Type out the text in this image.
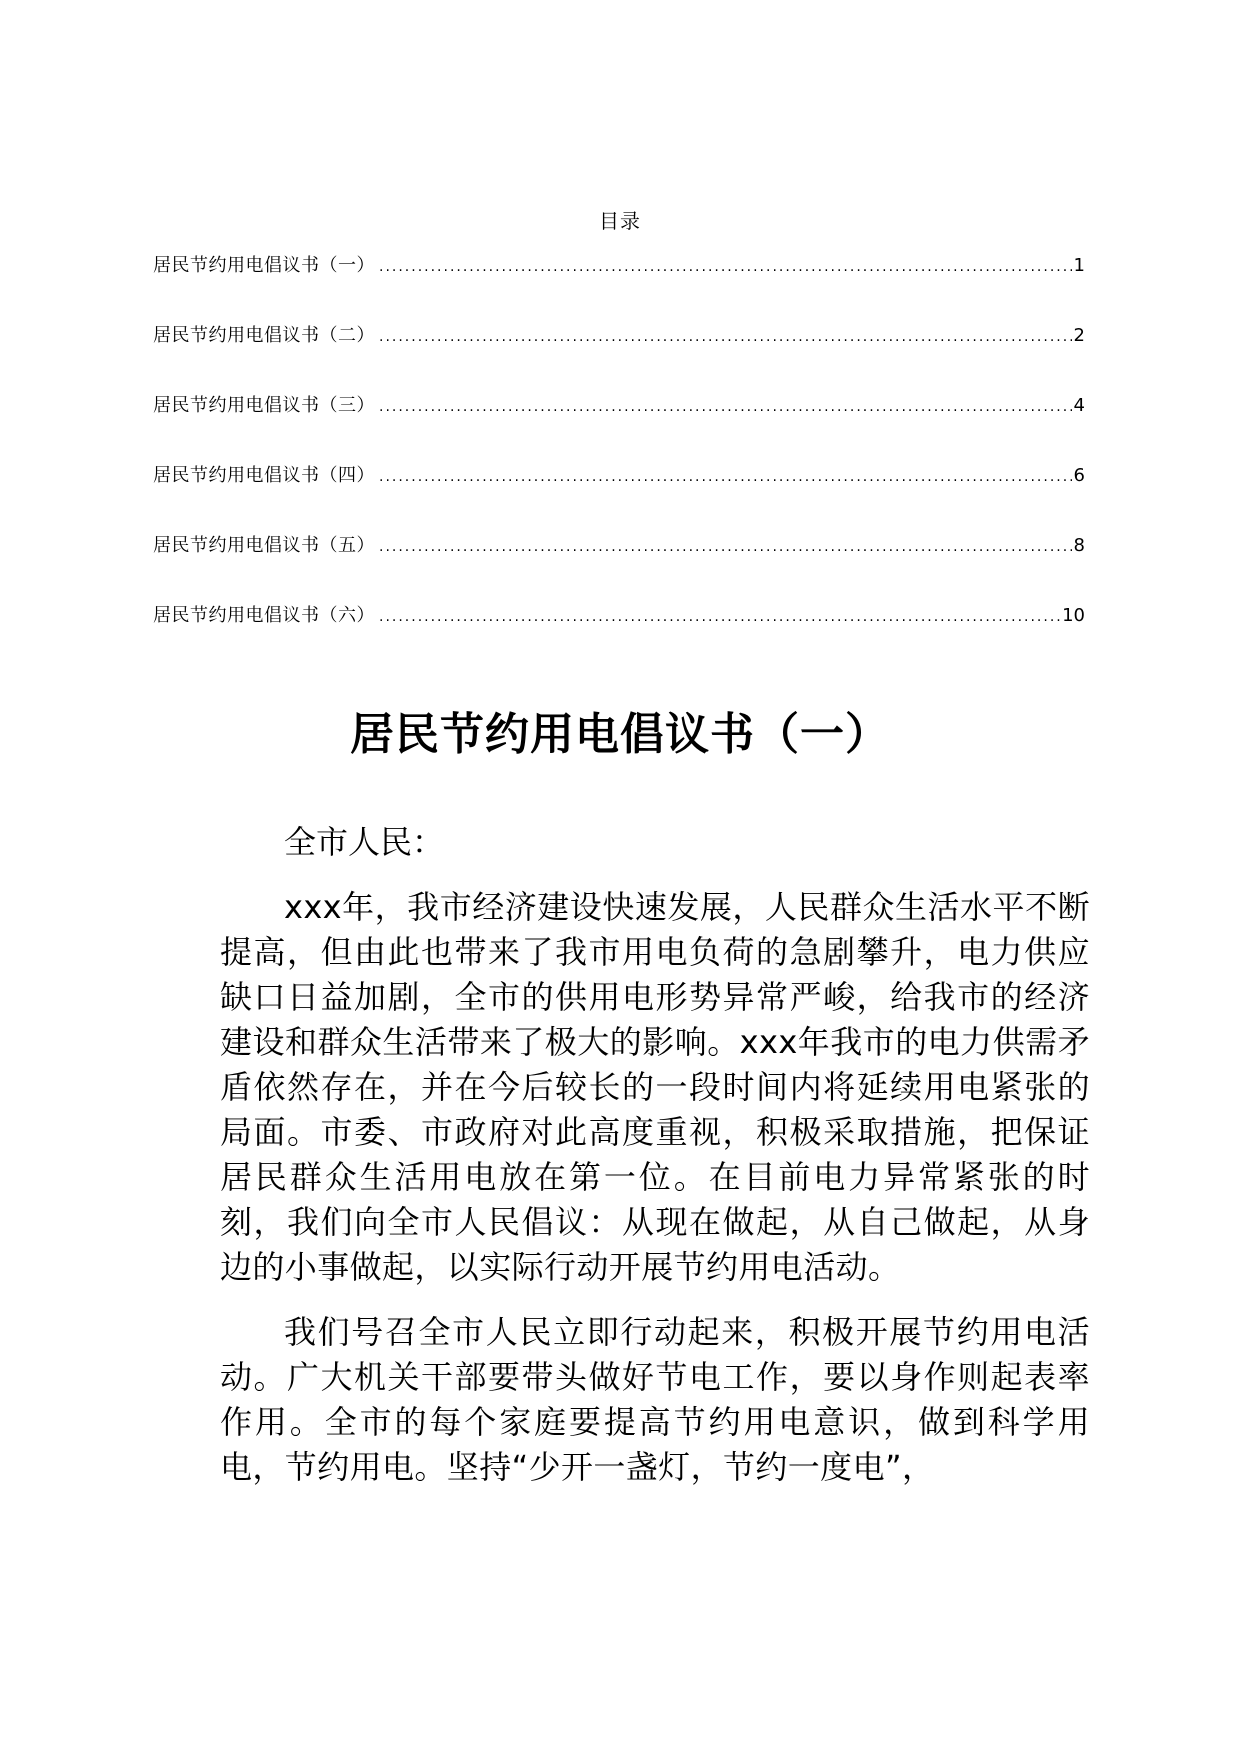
目录
居民节约用电倡议书（一） .....	1
居民节约用电倡议书（二） .....	2
居民节约用电倡议书（三） .....	4
居民节约用电倡议书（四） .....	6
居民节约用电倡议书（五） .....	8
居民节约用电倡议书（六） .....	10
居民节约用电倡议书（一）

全市人民：

xxx年，我市经济建设快速发展，人民群众生活水平不断提高，但由此也带来了我市用电负荷的急剧攀升，电力供应缺口日益加剧，全市的供用电形势异常严峻，给我市的经济建设和群众生活带来了极大的影响。xxx年我市的电力供需矛盾依然存在，并在今后较长的一段时间内将延续用电紧张的局面。市委、市政府对此高度重视，积极采取措施，把保证居民群众生活用电放在第一位。在目前电力异常紧张的时刻，我们向全市人民倡议：从现在做起，从自己做起，从身边的小事做起，以实际行动开展节约用电活动。

我们号召全市人民立即行动起来，积极开展节约用电活动。广大机关干部要带头做好节电工作，要以身作则起表率作用。全市的每个家庭要提高节约用电意识，做到科学用电，节约用电。坚持“少开一盏灯，节约一度电”，
